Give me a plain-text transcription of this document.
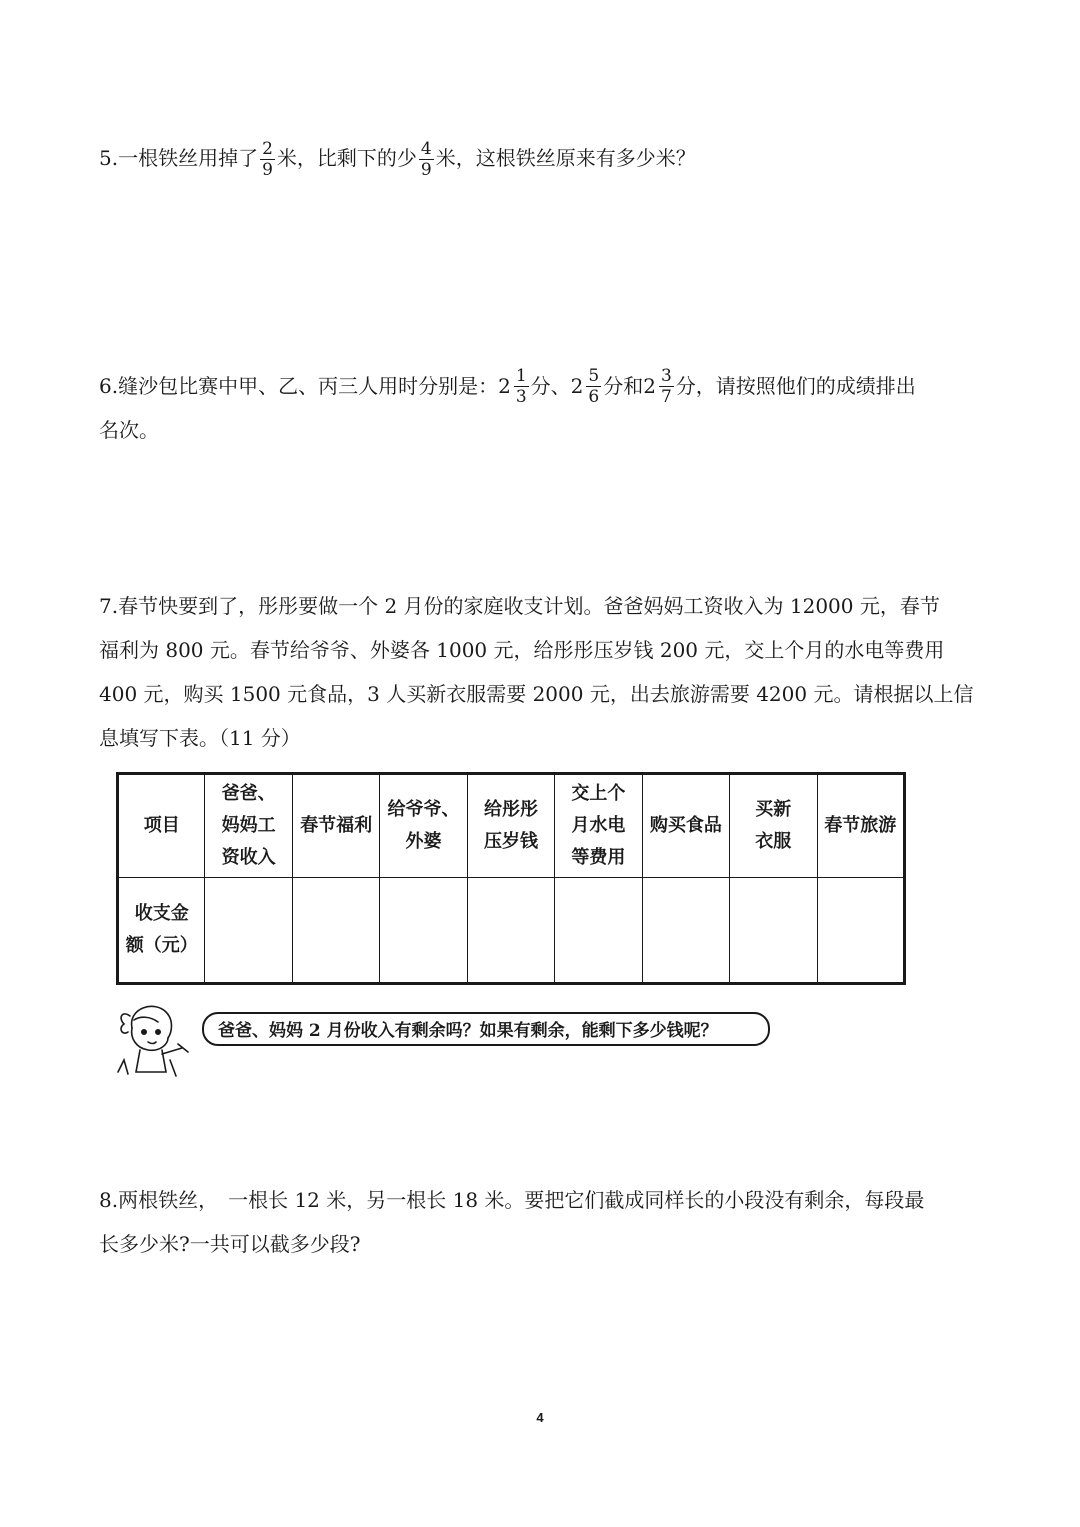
5.一根铁丝用掉了 $\frac{2}{9}$ 米，比剩下的少 $\frac{4}{9}$ 米，这根铁丝原来有多少米？
6.缝沙包比赛中甲、乙、丙三人用时分别是： $2 \frac{1}{3}$ 分、 $2 \frac{5}{6}$ 分和 $2 \frac{3}{7}$ 分，请按照他们的成绩排出
名次。
7.春节快要到了，彤彤要做一个 2 月份的家庭收支计划。爸爸妈妈工资收入为 12000 元，春节
福利为 800 元。春节给爷爷、外婆各 1000 元，给彤彤压岁钱 200 元，交上个月的水电等费用
400 元，购买 1500 元食品，3 人买新衣服需要 2000 元，出去旅游需要 4200 元。请根据以上信
息填写下表。（11 分）
项目	爸爸、
妈妈工
资收入	春节福利	给爷爷、
外婆	给彤彤
压岁钱	交上个
月水电
等费用	购买食品	买新
衣服	春节旅游
收支金
额（元）								
爸爸、妈妈 2 月份收入有剩余吗？如果有剩余，能剩下多少钱呢？
8.两根铁丝，　一根长 12 米，另一根长 18 米。要把它们截成同样长的小段没有剩余，每段最
长多少米?一共可以截多少段?
4
